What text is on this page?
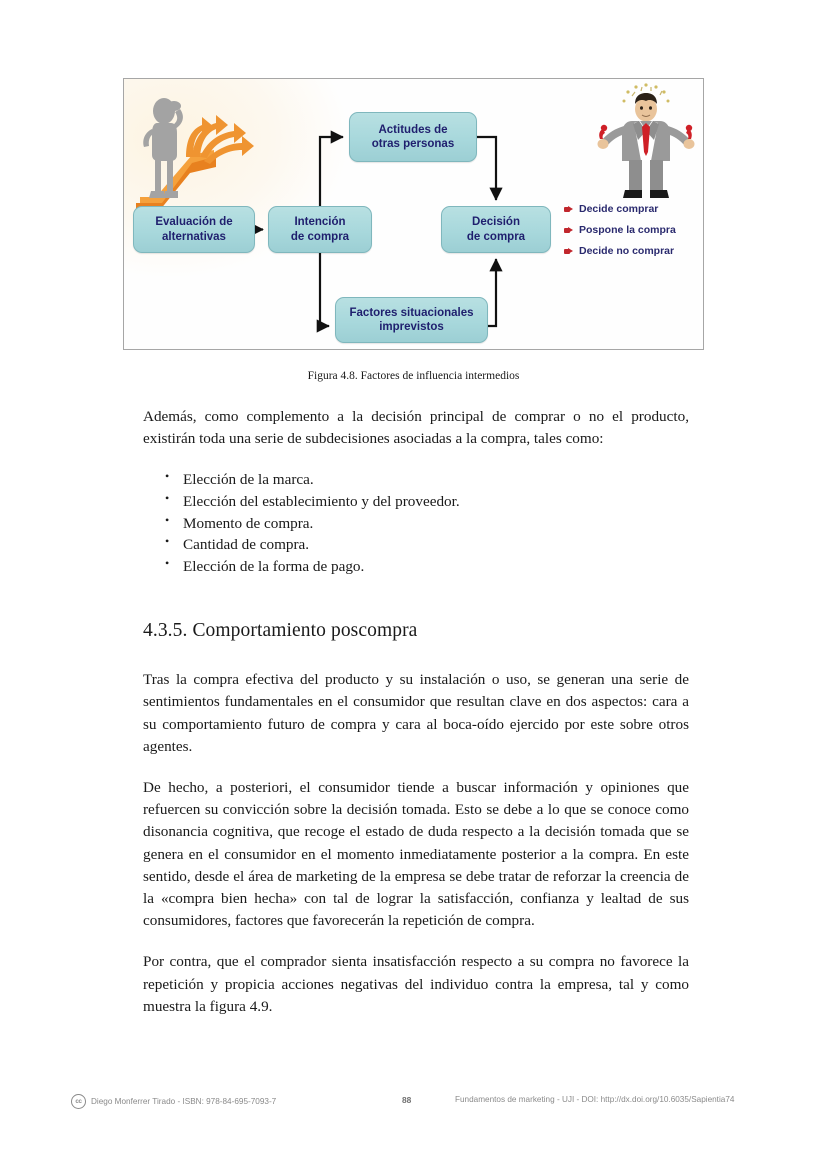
Evaluación de
alternativas
Intención
de compra
Actitudes de
otras personas
Decisión
de compra
Factores situacionales
imprevistos
Decide comprar
Pospone la compra
Decide no comprar
Figura 4.8. Factores de influencia intermedios

Además, como complemento a la decisión principal de comprar o no el producto, existirán toda una serie de subdecisiones asociadas a la compra, tales como:

• Elección de la marca.
• Elección del establecimiento y del proveedor.
• Momento de compra.
• Cantidad de compra.
• Elección de la forma de pago.
4.3.5. Comportamiento poscompra

Tras la compra efectiva del producto y su instalación o uso, se generan una serie de sentimientos fundamentales en el consumidor que resultan clave en dos aspectos: cara a su comportamiento futuro de compra y cara al boca-oído ejercido por este sobre otros agentes.

De hecho, a posteriori, el consumidor tiende a buscar información y opiniones que refuercen su convicción sobre la decisión tomada. Esto se debe a lo que se conoce como disonancia cognitiva, que recoge el estado de duda respecto a la decisión tomada que se genera en el consumidor en el momento inmediatamente posterior a la compra. En este sentido, desde el área de marketing de la empresa se debe tratar de reforzar la creencia de la «compra bien hecha» con tal de lograr la satisfacción, confianza y lealtad de sus consumidores, factores que favorecerán la repetición de compra.

Por contra, que el comprador sienta insatisfacción respecto a su compra no favorece la repetición y propicia acciones negativas del individuo contra la empresa, tal y como muestra la figura 4.9.

cc	Diego Monferrer Tirado - ISBN: 978-84-695-7093-7	88	Fundamentos de marketing - UJI - DOI: http://dx.doi.org/10.6035/Sapientia74
